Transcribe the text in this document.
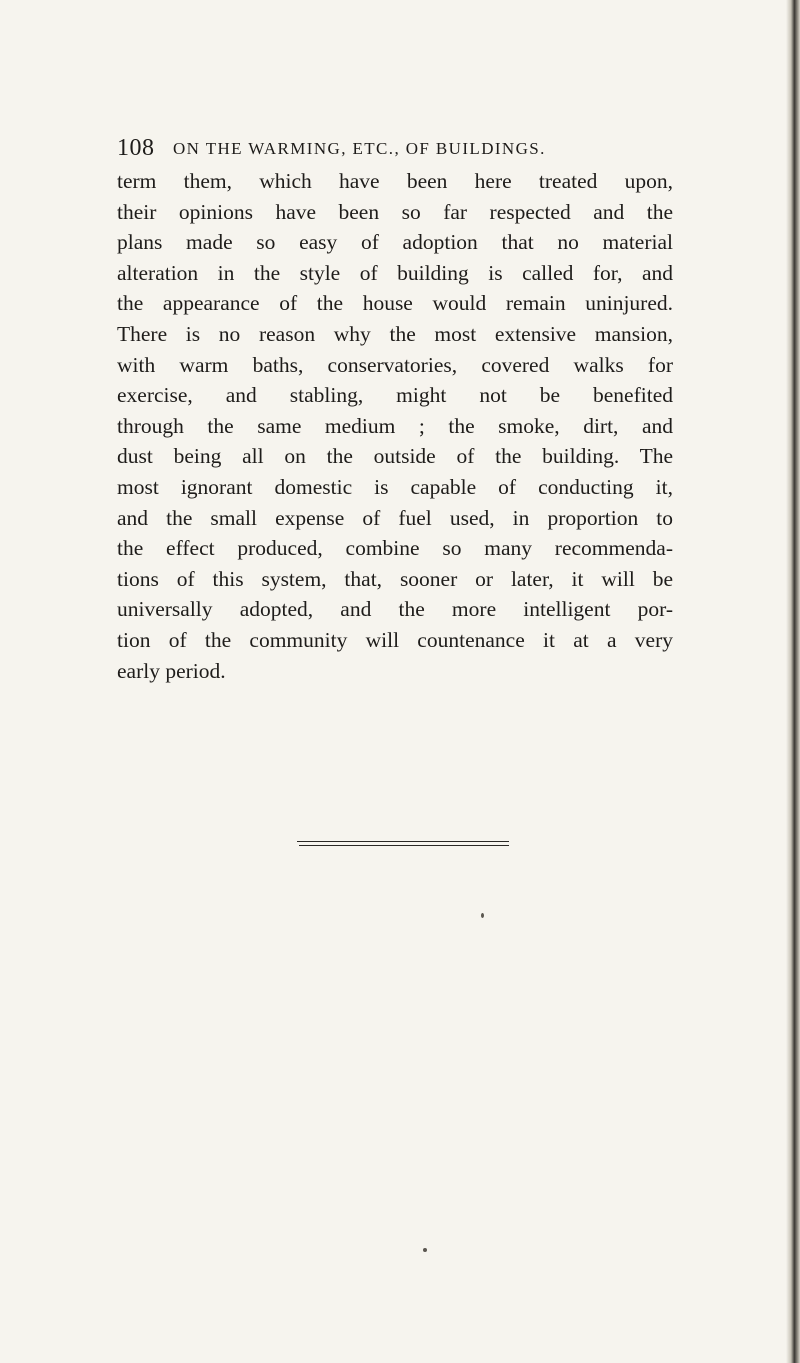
108 ON THE WARMING, ETC., OF BUILDINGS.
term them, which have been here treated upon,
their opinions have been so far respected and the
plans made so easy of adoption that no material
alteration in the style of building is called for, and
the appearance of the house would remain uninjured.
There is no reason why the most extensive mansion,
with warm baths, conservatories, covered walks for
exercise, and stabling, might not be benefited
through the same medium ; the smoke, dirt, and
dust being all on the outside of the building. The
most ignorant domestic is capable of conducting it,
and the small expense of fuel used, in proportion to
the effect produced, combine so many recommenda-
tions of this system, that, sooner or later, it will be
universally adopted, and the more intelligent por-
tion of the community will countenance it at a very
early period.
